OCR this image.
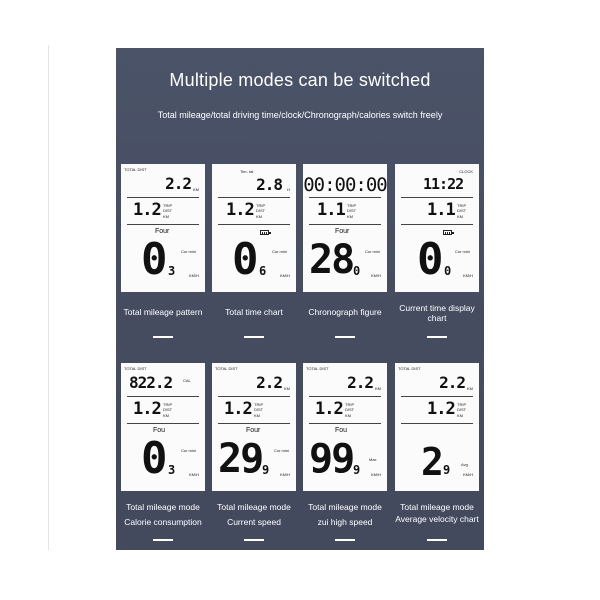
Multiple modes can be switched
Total mileage/total driving time/clock/Chronograph/calories switch freely
TOTAL DIST
2.2 KM
1.2 TRIP
DIST
KM
Four
Cur mini
0 3	KM/H
Total mileage pattern
Tim- tat
2.8 H
1.2 TRIP
DIST
KM
Cur mini
0 6	KM/H
Total time chart
00:00:00
1.1 TRIP
DIST
KM
Four
Cur mini
28 0	KM/H
Chronograph figure
CLOCK
11:22
1.1 TRIP
DIST
KM
Cur mini
0 0	KM/H
Current time display
chart
TOTAL DIST
822.2	CAL
1.2 TRIP
DIST
KM
Fou
Cur mini
0 3	KM/H
Total mileage mode
Calorie consumption
TOTAL DIST
2.2 KM
1.2 TRIP
DIST
KM
Four
Cur mini
29 9	KM/H
Total mileage mode
Current speed
TOTAL DIST
2.2 KM
1.2 TRIP
DIST
KM
Fou
Max
99 9	KM/H
Total mileage mode
zui high speed
TOTAL DIST
2.2 KM
1.2 TRIP
DIST
KM
Avg
2 9	KM/H
Total mileage mode
Average velocity chart
